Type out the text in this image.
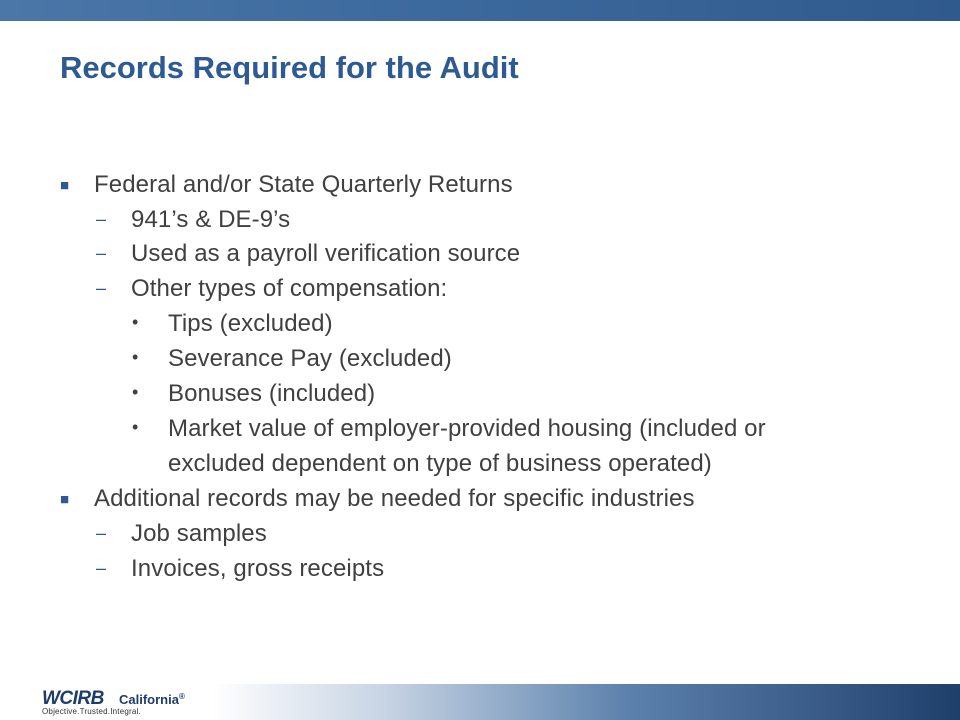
Records Required for the Audit
■ Federal and/or State Quarterly Returns
– 941’s & DE-9’s
– Used as a payroll verification source
– Other types of compensation:
• Tips (excluded)
• Severance Pay (excluded)
• Bonuses (included)
• Market value of employer-provided housing (included or
excluded dependent on type of business operated)
■ Additional records may be needed for specific industries
– Job samples
– Invoices, gross receipts
WCIRB California®
Objective.Trusted.Integral.
